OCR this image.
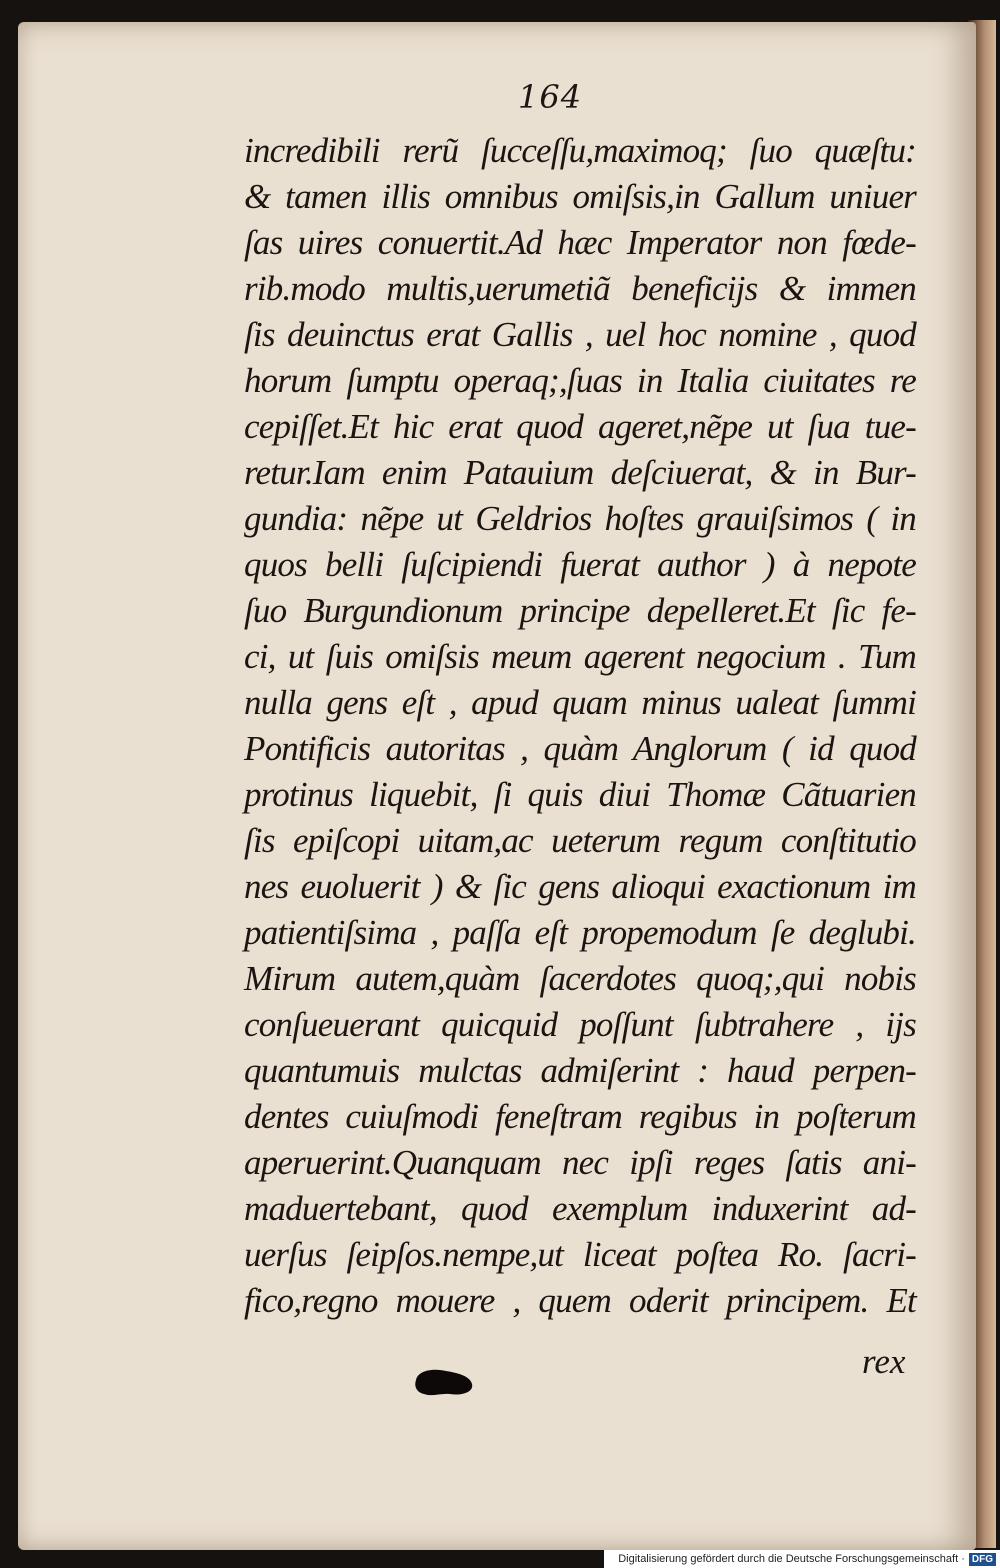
164
incredibili rerũ ſucceſſu,maximoq; ſuo quæſtu:
& tamen illis omnibus omiſsis,in Gallum uniuer
ſas uires conuertit.Ad hæc Imperator non fœde-
rib.modo multis,uerumetiã beneficijs & immen
ſis deuinctus erat Gallis , uel hoc nomine , quod
horum ſumptu operaq;,ſuas in Italia ciuitates re
cepiſſet.Et hic erat quod ageret,nẽpe ut ſua tue-
retur.Iam enim Patauium deſciuerat, & in Bur-
gundia: nẽpe ut Geldrios hoſtes grauiſsimos ( in
quos belli ſuſcipiendi fuerat author ) à nepote
ſuo Burgundionum principe depelleret.Et ſic fe-
ci, ut ſuis omiſsis meum agerent negocium . Tum
nulla gens eſt , apud quam minus ualeat ſummi
Pontificis autoritas , quàm Anglorum ( id quod
protinus liquebit, ſi quis diui Thomæ Cãtuarien
ſis epiſcopi uitam,ac ueterum regum conſtitutio
nes euoluerit ) & ſic gens alioqui exactionum im
patientiſsima , paſſa eſt propemodum ſe deglubi.
Mirum autem,quàm ſacerdotes quoq;,qui nobis
conſueuerant quicquid poſſunt ſubtrahere , ijs
quantumuis mulctas admiſerint : haud perpen-
dentes cuiuſmodi feneſtram regibus in poſterum
aperuerint.Quanquam nec ipſi reges ſatis ani-
maduertebant, quod exemplum induxerint ad-
uerſus ſeipſos.nempe,ut liceat poſtea Ro. ſacri-
fico,regno mouere , quem oderit principem. Et
rex
Digitalisierung gefördert durch die Deutsche Forschungsgemeinschaft · DFG
